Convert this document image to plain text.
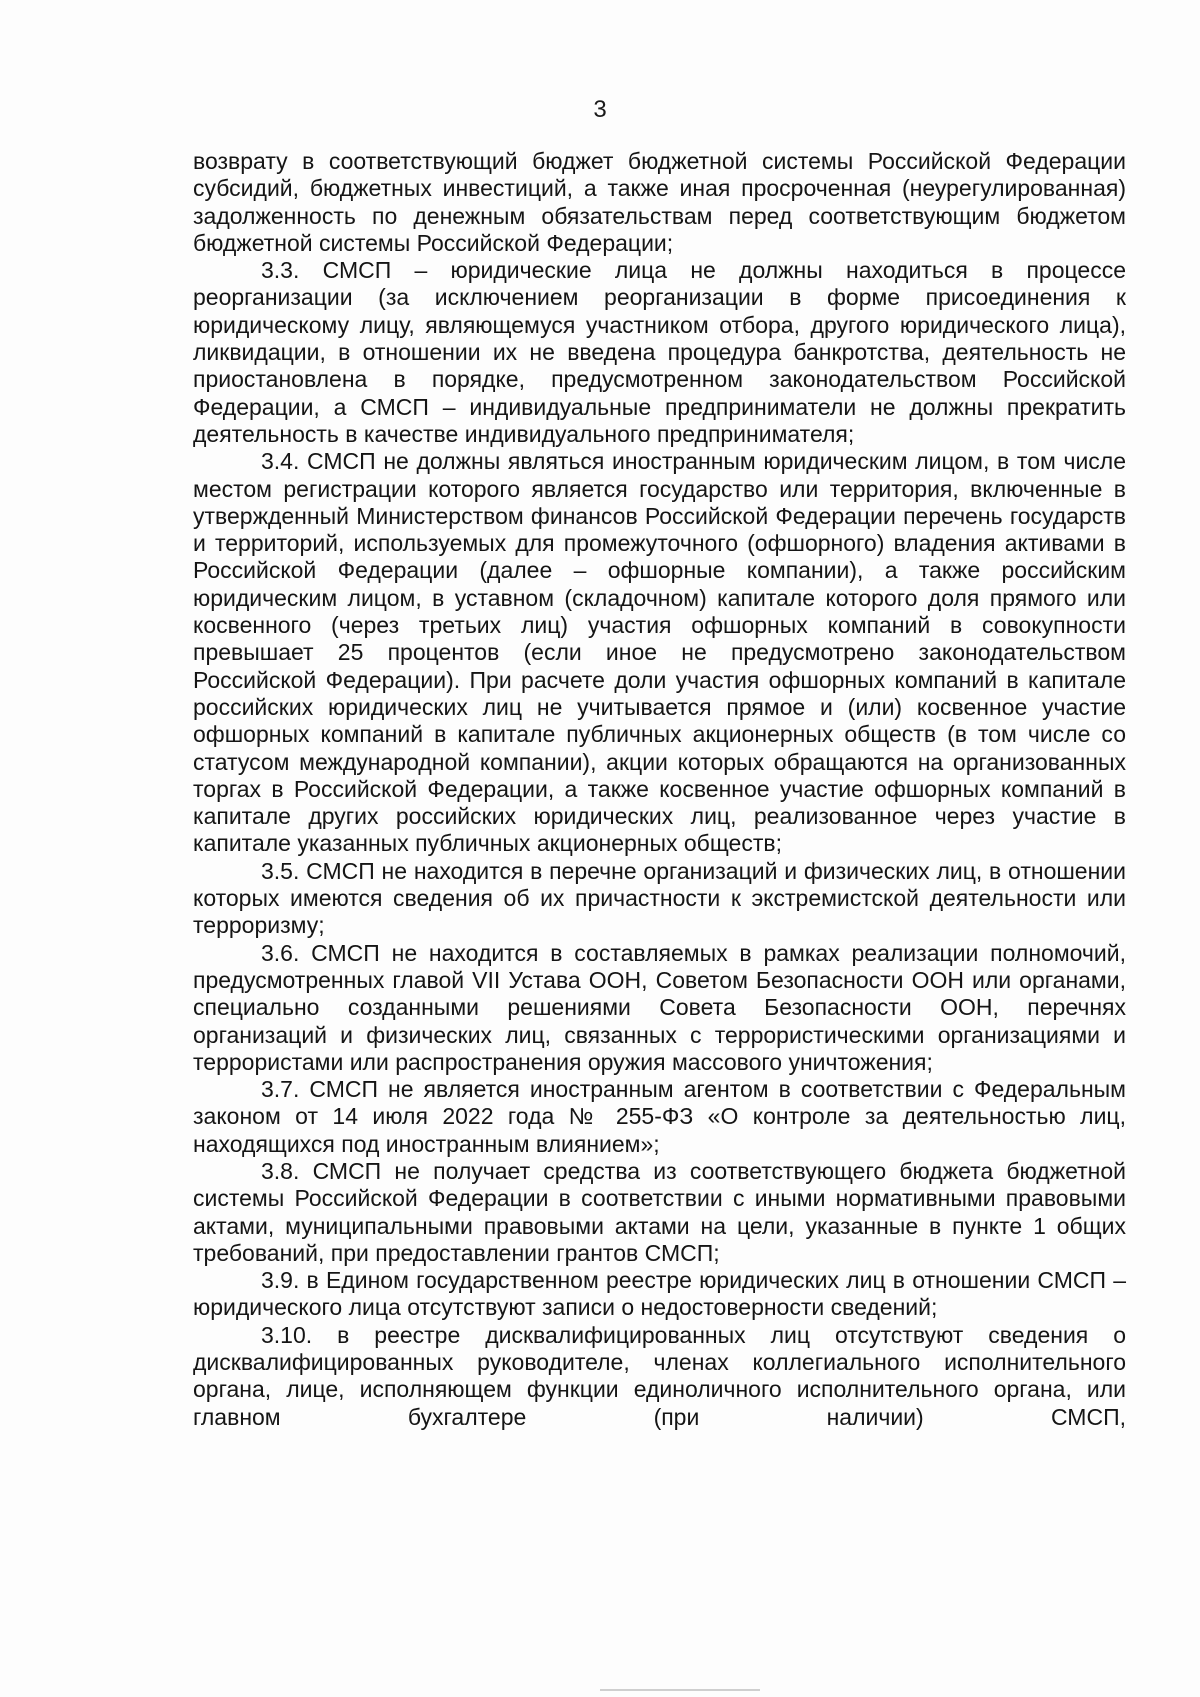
3

возврату в соответствующий бюджет бюджетной системы Российской Федерации субсидий, бюджетных инвестиций, а также иная просроченная (неурегулированная) задолженность по денежным обязательствам перед соответствующим бюджетом бюджетной системы Российской Федерации;

3.3. СМСП – юридические лица не должны находиться в процессе реорганизации (за исключением реорганизации в форме присоединения к юридическому лицу, являющемуся участником отбора, другого юридического лица), ликвидации, в отношении их не введена процедура банкротства, деятельность не приостановлена в порядке, предусмотренном законодательством Российской Федерации, а СМСП – индивидуальные предприниматели не должны прекратить деятельность в качестве индивидуального предпринимателя;

3.4. СМСП не должны являться иностранным юридическим лицом, в том числе местом регистрации которого является государство или территория, включенные в утвержденный Министерством финансов Российской Федерации перечень государств и территорий, используемых для промежуточного (офшорного) владения активами в Российской Федерации (далее – офшорные компании), а также российским юридическим лицом, в уставном (складочном) капитале которого доля прямого или косвенного (через третьих лиц) участия офшорных компаний в совокупности превышает 25 процентов (если иное не предусмотрено законодательством Российской Федерации). При расчете доли участия офшорных компаний в капитале российских юридических лиц не учитывается прямое и (или) косвенное участие офшорных компаний в капитале публичных акционерных обществ (в том числе со статусом международной компании), акции которых обращаются на организованных торгах в Российской Федерации, а также косвенное участие офшорных компаний в капитале других российских юридических лиц, реализованное через участие в капитале указанных публичных акционерных обществ;

3.5. СМСП не находится в перечне организаций и физических лиц, в отношении которых имеются сведения об их причастности к экстремистской деятельности или терроризму;

3.6. СМСП не находится в составляемых в рамках реализации полномочий, предусмотренных главой VII Устава ООН, Советом Безопасности ООН или органами, специально созданными решениями Совета Безопасности ООН, перечнях организаций и физических лиц, связанных с террористическими организациями и террористами или распространения оружия массового уничтожения;

3.7. СМСП не является иностранным агентом в соответствии с Федеральным законом от 14 июля 2022 года № 255-ФЗ «О контроле за деятельностью лиц, находящихся под иностранным влиянием»;

3.8. СМСП не получает средства из соответствующего бюджета бюджетной системы Российской Федерации в соответствии с иными нормативными правовыми актами, муниципальными правовыми актами на цели, указанные в пункте 1 общих требований, при предоставлении грантов СМСП;

3.9. в Едином государственном реестре юридических лиц в отношении СМСП – юридического лица отсутствуют записи о недостоверности сведений;

3.10. в реестре дисквалифицированных лиц отсутствуют сведения о дисквалифицированных руководителе, членах коллегиального исполнительного органа, лице, исполняющем функции единоличного исполнительного органа, или главном бухгалтере (при наличии) СМСП,
